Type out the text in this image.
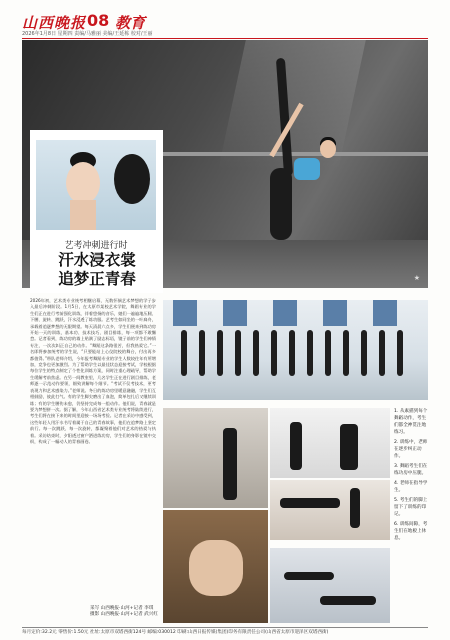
山西晚报 08 教育
2026年1月8日 星期四 责编/马雅丽 美编/王延栋 校对/王丽
★
艺考冲刺进行时
汗水浸衣裳
追梦正青春
2026年初，艺术类专业统考相继启幕，无数怀揣艺术梦想的学子步入最后冲刺阶段。1月5日，在太原市某校艺术学院，舞蹈专业的学生们正在进行考前强化训练，伴着悠扬的音乐，她们一遍遍地压腿、下腰、旋转、跳跃，汗水浸透了练功服。艺考生如同坐的一叶扁舟，承载着追逐梦想的无限期望。每天清晨六点多，学生们便来到练功房开始一天的训练，基本功、技术技巧、剧目排练，每一项都不敢懈怠。记者看到，练功房的墙上贴满了励志标语，镜子前的学生们神情专注，一次次纠正自己的动作。“舞蹈这条路很苦，但我热爱它。”一名即将参加统考的学生说，“只要能站上心仪院校的舞台，付出再多都值得。”带队老师介绍，今年报考舞蹈专业的学生人数较往年有所增加，竞争也更加激烈。为了帮助学生以最佳状态迎接考试，学校根据每位学生的特点制定了个性化训练方案，同时注重心理疏导，帮助学生缓解考前焦虑。在另一间教室里，几名学生正在进行剧目排练，老师逐一示范动作要领，细致讲解每个细节。“考试不仅考技术，更考表现力和艺术感染力。”老师说。冬日的练功房里暖意融融，学生们互相鼓励，彼此打气。有的学生脚尖磨出了血泡，简单包扎后又继续训练；有的学生腰伤未愈，仍坚持完成每一组动作。他们说，青春就是要为梦想拼一次。据了解，今年山西省艺术类专业统考将陆续进行，考生们将在接下来的时间里迎接一场场考验。记者在采访中感受到，这些年轻人用汗水书写着属于自己的青春故事，他们在追梦路上坚定前行。每一次跳跃、每一次旋转，都凝聚着他们对艺术的热爱与执着。采访结束时，夕阳透过窗户洒进练功房，学生们的身影在镜中交织，构成了一幅动人的青春画卷。
采写 山西晚报·山河+记者 李琪
摄影 山西晚报·山河+记者 武兴红

1. 从素描到每个舞蹈动作，考生们都全神贯注地练习。

2. 训练中，老师在逐步纠正动作。

3. 舞蹈考生们在练功房中压腿。

4. 老师在指导学生。

5. 考生们的脚上留下了训练的印记。

6. 训练间隙，考生们在地板上休息。

每月定价:32.2元 零售价:1.50元 社址:太原市双塔西街124号 邮编:030012 印刷:山西日报传媒(集团)印务有限责任公司(山西省太原市迎泽区双塔西街)
